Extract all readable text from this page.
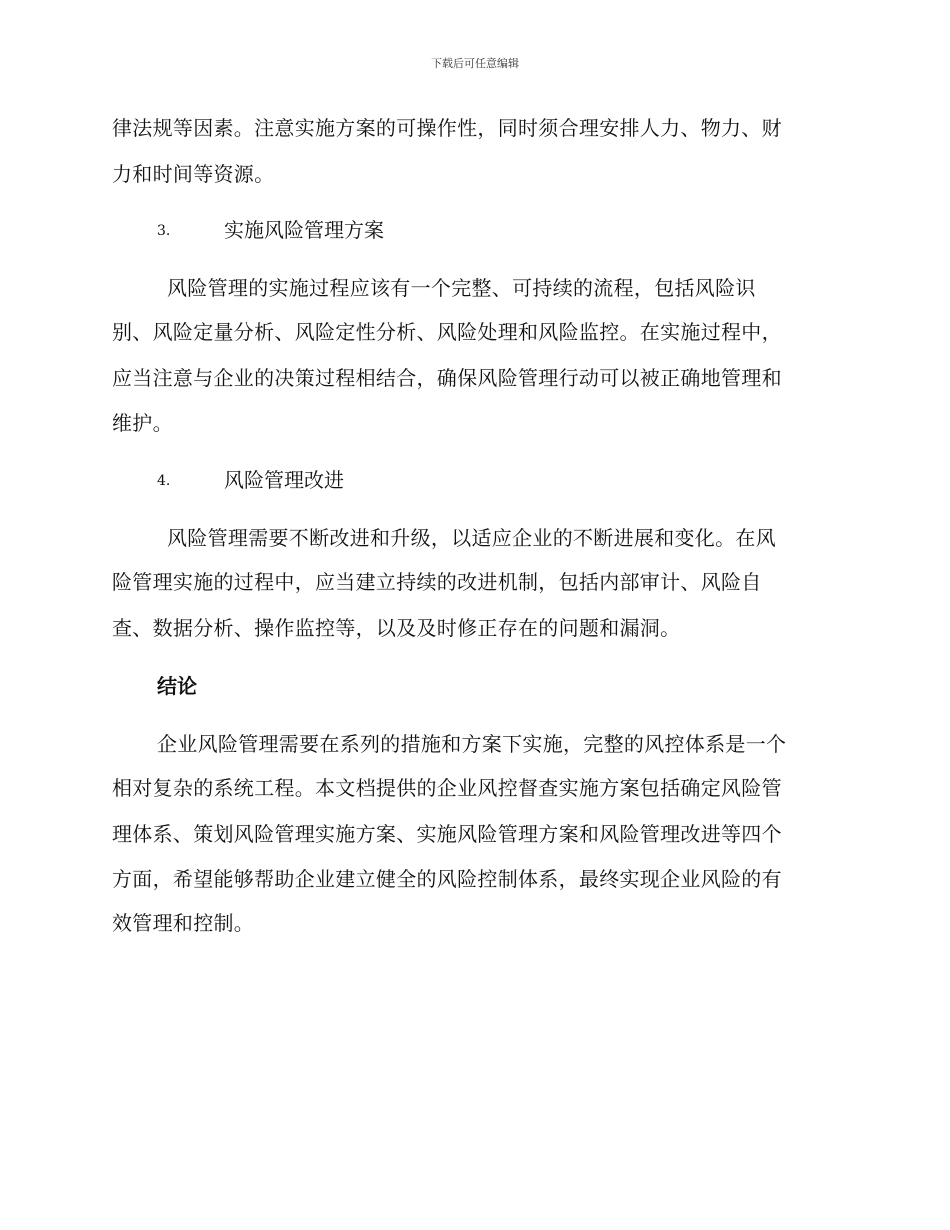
下载后可任意编辑
律法规等因素。注意实施方案的可操作性，同时须合理安排人力、物力、财
力和时间等资源。
3.	实施风险管理方案
风险管理的实施过程应该有一个完整、可持续的流程，包括风险识
别、风险定量分析、风险定性分析、风险处理和风险监控。在实施过程中，
应当注意与企业的决策过程相结合，确保风险管理行动可以被正确地管理和
维护。
4.	风险管理改进
风险管理需要不断改进和升级，以适应企业的不断进展和变化。在风
险管理实施的过程中，应当建立持续的改进机制，包括内部审计、风险自
查、数据分析、操作监控等，以及及时修正存在的问题和漏洞。
结论
企业风险管理需要在系列的措施和方案下实施，完整的风控体系是一个
相对复杂的系统工程。本文档提供的企业风控督查实施方案包括确定风险管
理体系、策划风险管理实施方案、实施风险管理方案和风险管理改进等四个
方面，希望能够帮助企业建立健全的风险控制体系，最终实现企业风险的有
效管理和控制。
